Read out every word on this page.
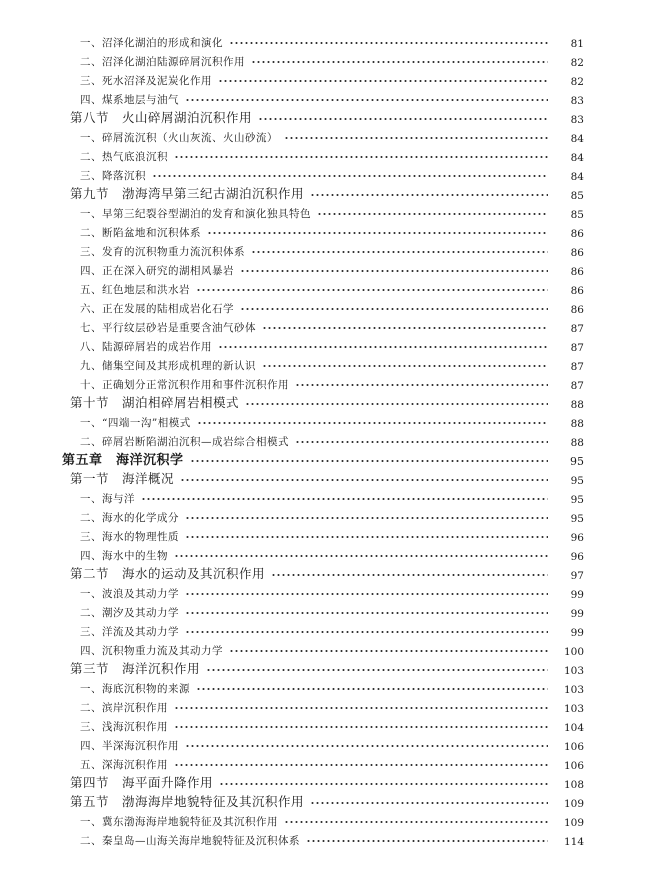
一、沼泽化湖泊的形成和演化	81
二、沼泽化湖泊陆源碎屑沉积作用	82
三、死水沼泽及泥炭化作用	82
四、煤系地层与油气	83
第八节　火山碎屑湖泊沉积作用	83
一、碎屑流沉积（火山灰流、火山砂流）	84
二、热气底浪沉积	84
三、降落沉积	84
第九节　渤海湾早第三纪古湖泊沉积作用	85
一、早第三纪裂谷型湖泊的发育和演化独具特色	85
二、断陷盆地和沉积体系	86
三、发育的沉积物重力流沉积体系	86
四、正在深入研究的湖相风暴岩	86
五、红色地层和洪水岩	86
六、正在发展的陆相成岩化石学	86
七、平行纹层砂岩是重要含油气砂体	87
八、陆源碎屑岩的成岩作用	87
九、储集空间及其形成机理的新认识	87
十、正确划分正常沉积作用和事件沉积作用	87
第十节　湖泊相碎屑岩相模式	88
一、“四端一沟”相模式	88
二、碎屑岩断陷湖泊沉积—成岩综合相模式	88
第五章　海洋沉积学	95
第一节　海洋概况	95
一、海与洋	95
二、海水的化学成分	95
三、海水的物理性质	96
四、海水中的生物	96
第二节　海水的运动及其沉积作用	97
一、波浪及其动力学	99
二、潮汐及其动力学	99
三、洋流及其动力学	99
四、沉积物重力流及其动力学	100
第三节　海洋沉积作用	103
一、海底沉积物的来源	103
二、滨岸沉积作用	103
三、浅海沉积作用	104
四、半深海沉积作用	106
五、深海沉积作用	106
第四节　海平面升降作用	108
第五节　渤海海岸地貌特征及其沉积作用	109
一、冀东渤海海岸地貌特征及其沉积作用	109
二、秦皇岛—山海关海岸地貌特征及沉积体系	114
